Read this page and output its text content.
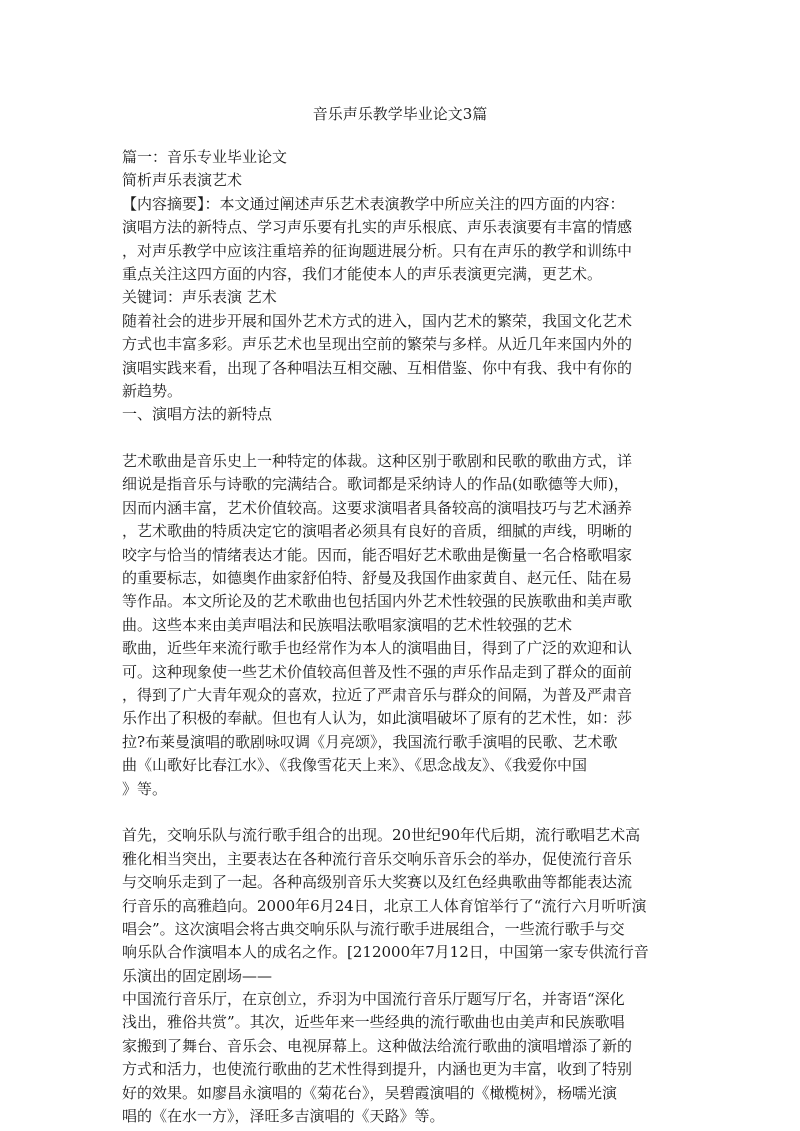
音乐声乐教学毕业论文3篇
篇一：音乐专业毕业论文
简析声乐表演艺术
【内容摘要】：本文通过阐述声乐艺术表演教学中所应关注的四方面的内容：
演唱方法的新特点、学习声乐要有扎实的声乐根底、声乐表演要有丰富的情感
，对声乐教学中应该注重培养的征询题进展分析。只有在声乐的教学和训练中
重点关注这四方面的内容，我们才能使本人的声乐表演更完满，更艺术。
关键词：声乐表演 艺术
随着社会的进步开展和国外艺术方式的进入，国内艺术的繁荣，我国文化艺术
方式也丰富多彩。声乐艺术也呈现出空前的繁荣与多样。从近几年来国内外的
演唱实践来看，出现了各种唱法互相交融、互相借鉴、你中有我、我中有你的
新趋势。
一、演唱方法的新特点
艺术歌曲是音乐史上一种特定的体裁。这种区别于歌剧和民歌的歌曲方式，详
细说是指音乐与诗歌的完满结合。歌词都是采纳诗人的作品(如歌德等大师)，
因而内涵丰富，艺术价值较高。这要求演唱者具备较高的演唱技巧与艺术涵养
，艺术歌曲的特质决定它的演唱者必须具有良好的音质，细腻的声线，明晰的
咬字与恰当的情绪表达才能。因而，能否唱好艺术歌曲是衡量一名合格歌唱家
的重要标志，如德奥作曲家舒伯特、舒曼及我国作曲家黄自、赵元任、陆在易
等作品。本文所论及的艺术歌曲也包括国内外艺术性较强的民族歌曲和美声歌
曲。这些本来由美声唱法和民族唱法歌唱家演唱的艺术性较强的艺术
歌曲，近些年来流行歌手也经常作为本人的演唱曲目，得到了广泛的欢迎和认
可。这种现象使一些艺术价值较高但普及性不强的声乐作品走到了群众的面前
，得到了广大青年观众的喜欢，拉近了严肃音乐与群众的间隔，为普及严肃音
乐作出了积极的奉献。但也有人认为，如此演唱破坏了原有的艺术性，如：莎
拉?布莱曼演唱的歌剧咏叹调《月亮颂》，我国流行歌手演唱的民歌、艺术歌
曲《山歌好比春江水》、《我像雪花天上来》、《思念战友》、《我爱你中国
》等。
首先，交响乐队与流行歌手组合的出现。20世纪90年代后期，流行歌唱艺术高
雅化相当突出，主要表达在各种流行音乐交响乐音乐会的举办，促使流行音乐
与交响乐走到了一起。各种高级别音乐大奖赛以及红色经典歌曲等都能表达流
行音乐的高雅趋向。2000年6月24日，北京工人体育馆举行了“流行六月听听演
唱会”。这次演唱会将古典交响乐队与流行歌手进展组合，一些流行歌手与交
响乐队合作演唱本人的成名之作。[212000年7月12日，中国第一家专供流行音
乐演出的固定剧场——
中国流行音乐厅，在京创立，乔羽为中国流行音乐厅题写厅名，并寄语“深化
浅出，雅俗共赏”。其次，近些年来一些经典的流行歌曲也由美声和民族歌唱
家搬到了舞台、音乐会、电视屏幕上。这种做法给流行歌曲的演唱增添了新的
方式和活力，也使流行歌曲的艺术性得到提升，内涵也更为丰富，收到了特别
好的效果。如廖昌永演唱的《菊花台》，吴碧霞演唱的《橄榄树》，杨嚅光演
唱的《在水一方》，泽旺多吉演唱的《天路》等。
